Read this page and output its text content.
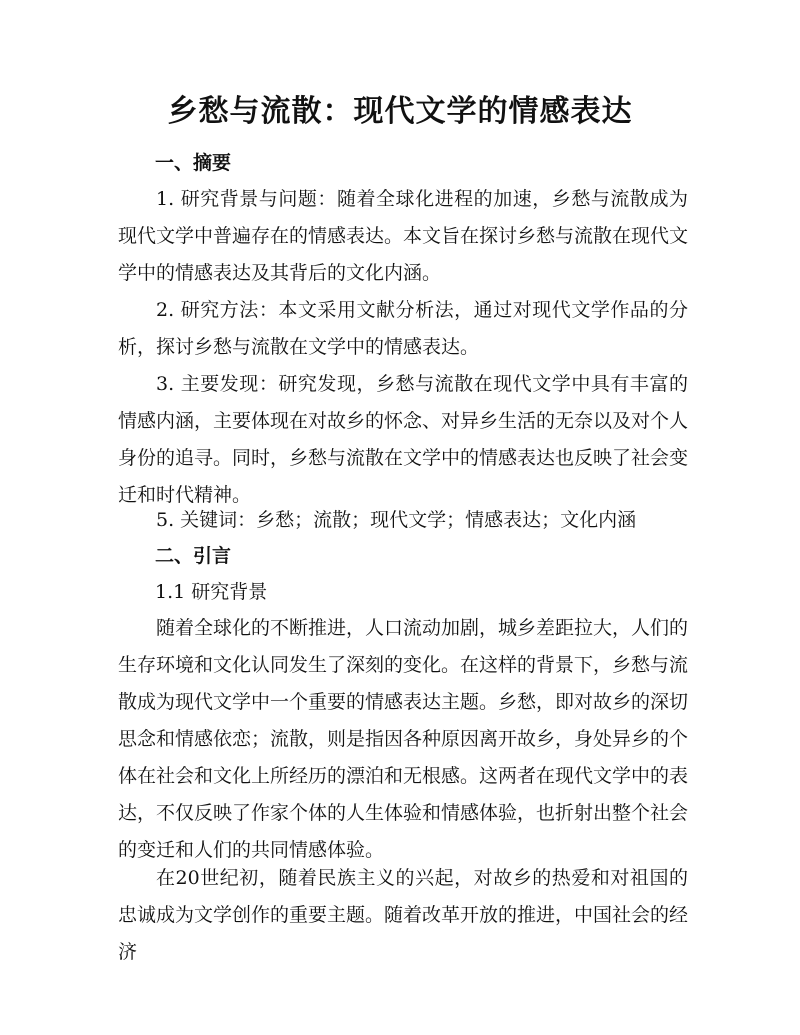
乡愁与流散：现代文学的情感表达
一、摘要
1. 研究背景与问题：随着全球化进程的加速，乡愁与流散成为现代文学中普遍存在的情感表达。本文旨在探讨乡愁与流散在现代文学中的情感表达及其背后的文化内涵。
2. 研究方法：本文采用文献分析法，通过对现代文学作品的分析，探讨乡愁与流散在文学中的情感表达。
3. 主要发现：研究发现，乡愁与流散在现代文学中具有丰富的情感内涵，主要体现在对故乡的怀念、对异乡生活的无奈以及对个人身份的追寻。同时，乡愁与流散在文学中的情感表达也反映了社会变迁和时代精神。
5. 关键词：乡愁；流散；现代文学；情感表达；文化内涵
二、引言
1.1 研究背景
随着全球化的不断推进，人口流动加剧，城乡差距拉大，人们的生存环境和文化认同发生了深刻的变化。在这样的背景下，乡愁与流散成为现代文学中一个重要的情感表达主题。乡愁，即对故乡的深切思念和情感依恋；流散，则是指因各种原因离开故乡，身处异乡的个体在社会和文化上所经历的漂泊和无根感。这两者在现代文学中的表达，不仅反映了作家个体的人生体验和情感体验，也折射出整个社会的变迁和人们的共同情感体验。
在20世纪初，随着民族主义的兴起，对故乡的热爱和对祖国的忠诚成为文学创作的重要主题。随着改革开放的推进，中国社会的经济
